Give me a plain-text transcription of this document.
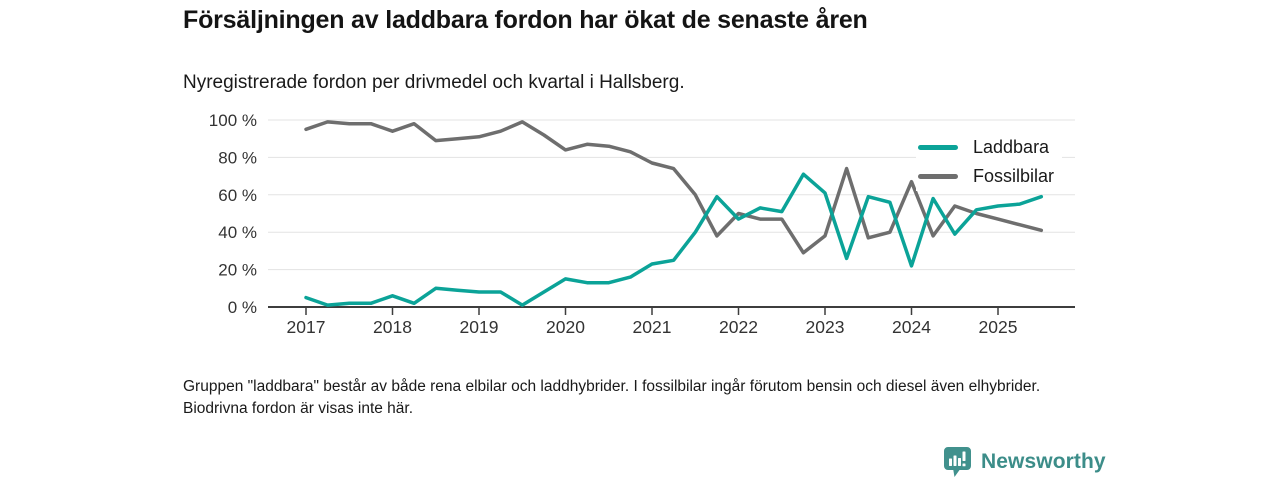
Försäljningen av laddbara fordon har ökat de senaste åren

Nyregistrerade fordon per drivmedel och kvartal i Hallsberg.

0 %
20 %
40 %
60 %
80 %
100 %
2017	2018	2019	2020	2021	2022	2023	2024	2025
Laddbara
Fossilbilar

Gruppen "laddbara" består av både rena elbilar och laddhybrider. I fossilbilar ingår förutom bensin och diesel även elhybrider. Biodrivna fordon är visas inte här.

Newsworthy
